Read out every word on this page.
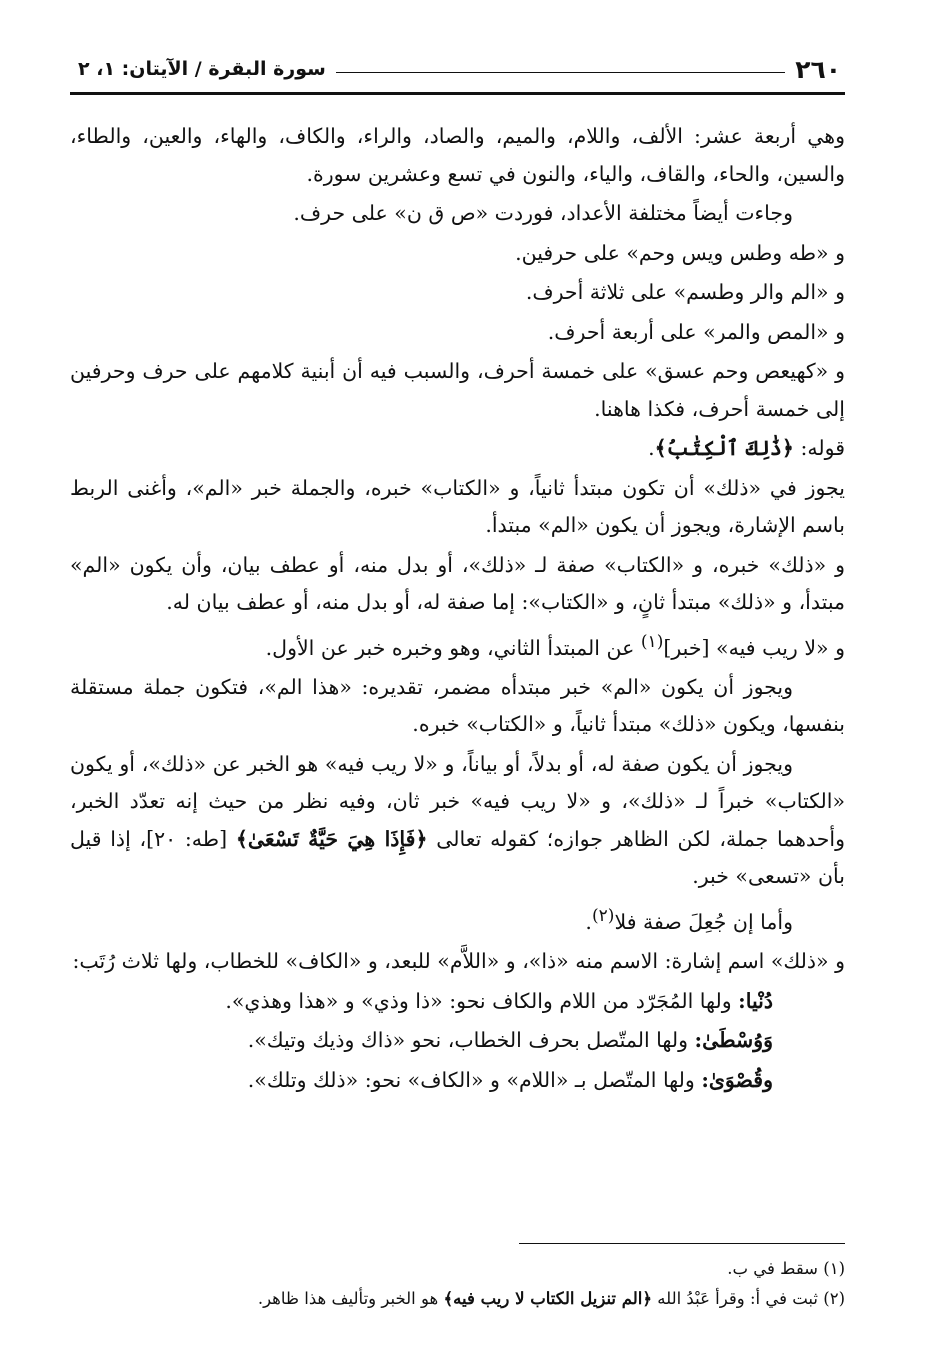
٢٦٠
سورة البقرة / الآيتان: ١، ٢

وهي أربعة عشر: الألف، واللام، والميم، والصاد، والراء، والكاف، والهاء، والعين، والطاء، والسين، والحاء، والقاف، والياء، والنون في تسع وعشرين سورة.

وجاءت أيضاً مختلفة الأعداد، فوردت «ص ق ن» على حرف.

و «طه وطس ويس وحم» على حرفين.

و «الم والر وطسم» على ثلاثة أحرف.

و «المص والمر» على أربعة أحرف.

و «كهيعص وحم عسق» على خمسة أحرف، والسبب فيه أن أبنية كلامهم على حرف وحرفين إلى خمسة أحرف، فكذا هاهنا.

قوله: ﴿ذَٰلِكَ ٱلْكِتَٰبُ﴾.

يجوز في «ذلك» أن تكون مبتدأ ثانياً، و «الكتاب» خبره، والجملة خبر «الم»، وأغنى الربط باسم الإشارة، ويجوز أن يكون «الم» مبتدأ.

و «ذلك» خبره، و «الكتاب» صفة لـ «ذلك»، أو بدل منه، أو عطف بيان، وأن يكون «الم» مبتدأ، و «ذلك» مبتدأ ثانٍ، و «الكتاب»: إما صفة له، أو بدل منه، أو عطف بيان له.

و «لا ريب فيه» [خبر]$^{(١)}$ عن المبتدأ الثاني، وهو وخبره خبر عن الأول.

ويجوز أن يكون «الم» خبر مبتدأه مضمر، تقديره: «هذا الم»، فتكون جملة مستقلة بنفسها، ويكون «ذلك» مبتدأ ثانياً، و «الكتاب» خبره.

ويجوز أن يكون صفة له، أو بدلاً، أو بياناً، و «لا ريب فيه» هو الخبر عن «ذلك»، أو يكون «الكتاب» خبراً لـ «ذلك»، و «لا ريب فيه» خبر ثان، وفيه نظر من حيث إنه تعدّد الخبر، وأحدهما جملة، لكن الظاهر جوازه؛ كقوله تعالى ﴿فَإِذَا هِيَ حَيَّةٌ تَسْعَىٰ﴾ [طه: ٢٠]، إذا قيل بأن «تسعى» خبر.

وأما إن جُعِلَ صفة فلا$^{(٢)}$.

و «ذلك» اسم إشارة: الاسم منه «ذا»، و «اللاَّم» للبعد، و «الكاف» للخطاب، ولها ثلاث رُتَب:

دُنْيا: ولها المُجَرّد من اللام والكاف نحو: «ذا وذي» و «هذا وهذي».

وَوُسْطَىٰ: ولها المتّصل بحرف الخطاب، نحو «ذاك وذيك وتيك».

وقُصْوَىٰ: ولها المتّصل بـ «اللام» و «الكاف» نحو: «ذلك وتلك».

(١) سقط في ب.

(٢) ثبت في أ: وقرأ عَبْدُ الله ﴿الم تنزيل الكتاب لا ريب فيه﴾ هو الخبر وتأليف هذا ظاهر.
